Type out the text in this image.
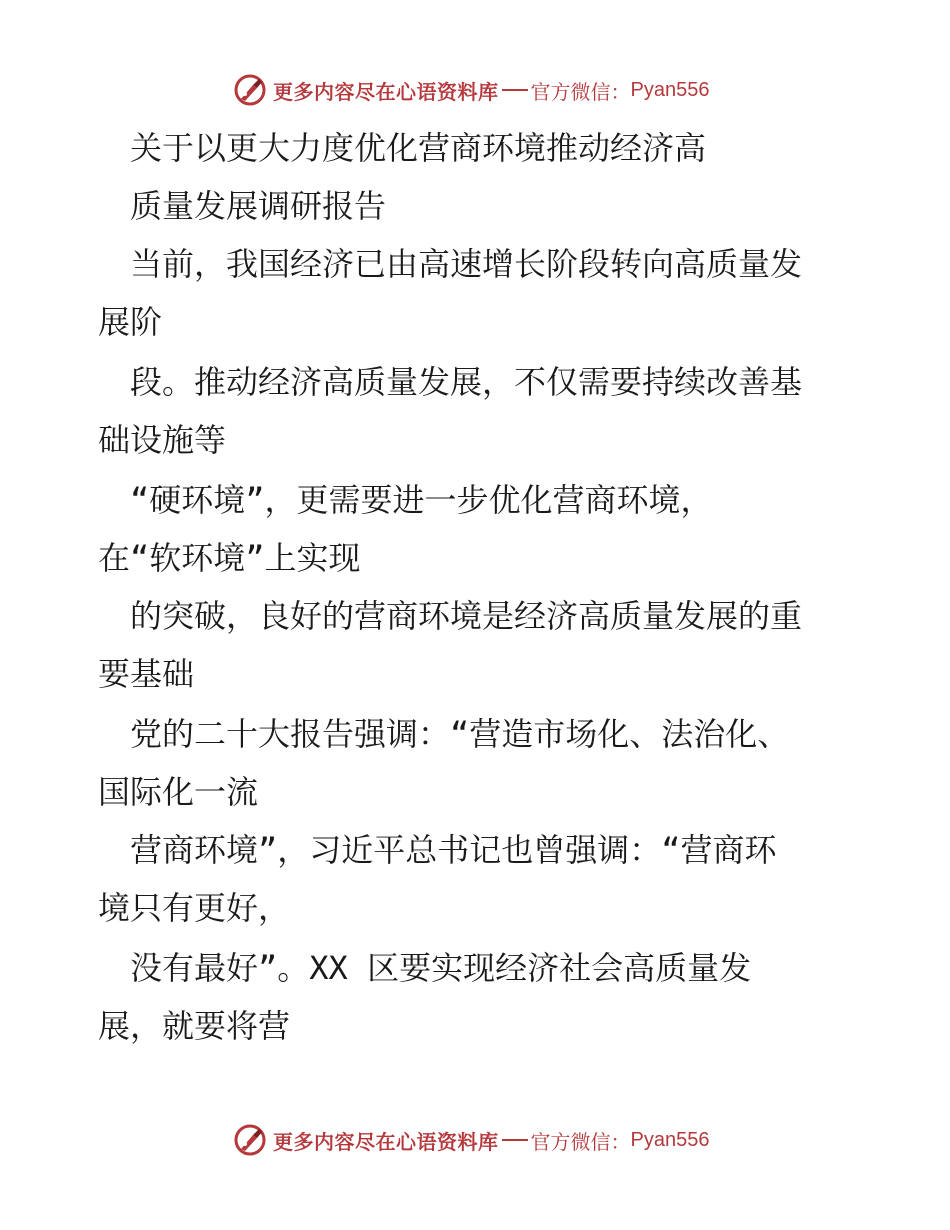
更多内容尽在心语资料库 官方微信： Pyan556
　关于以更大力度优化营商环境推动经济高
　质量发展调研报告
　当前，我国经济已由高速增长阶段转向高质量发
展阶
　段。推动经济高质量发展，不仅需要持续改善基
础设施等
　“硬环境”，更需要进一步优化营商环境，
在“软环境”上实现
　的突破，良好的营商环境是经济高质量发展的重
要基础
　党的二十大报告强调：“营造市场化、法治化、
国际化一流
　营商环境”，习近平总书记也曾强调：“营商环
境只有更好，
　没有最好”。XX 区要实现经济社会高质量发
展，就要将营
更多内容尽在心语资料库 官方微信： Pyan556
